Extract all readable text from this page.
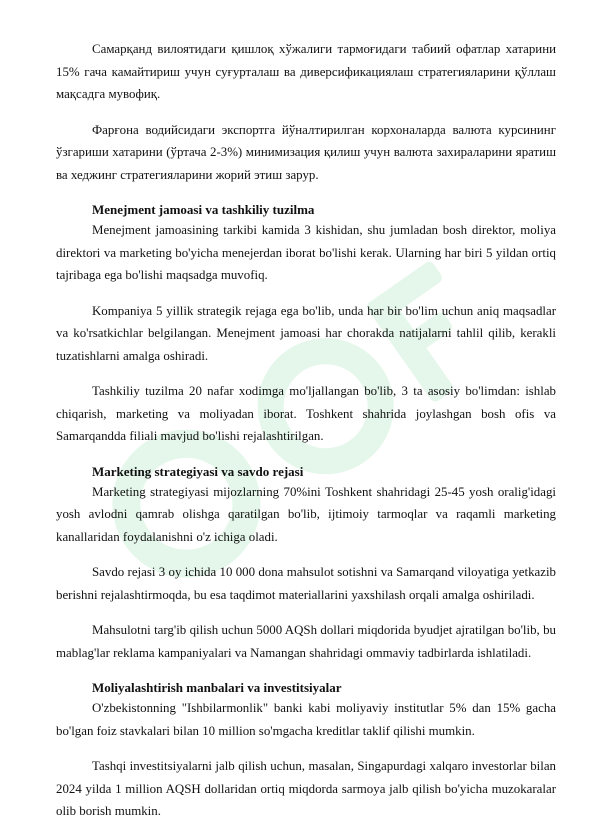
Самарқанд вилоятидаги қишлоқ хўжалиги тармоғидаги табиий офатлар хатарини 15% гача камайтириш учун суғурталаш ва диверсификациялаш стратегияларини қўллаш мақсадга мувофиқ.

Фарғона водийсидаги экспортга йўналтирилган корхоналарда валюта курсининг ўзгариши хатарини (ўртача 2-3%) минимизация қилиш учун валюта захираларини яратиш ва хеджинг стратегияларини жорий этиш зарур.

Menejment jamoasi va tashkiliy tuzilma

Menejment jamoasining tarkibi kamida 3 kishidan, shu jumladan bosh direktor, moliya direktori va marketing bo'yicha menejerdan iborat bo'lishi kerak. Ularning har biri 5 yildan ortiq tajribaga ega bo'lishi maqsadga muvofiq.

Kompaniya 5 yillik strategik rejaga ega bo'lib, unda har bir bo'lim uchun aniq maqsadlar va ko'rsatkichlar belgilangan. Menejment jamoasi har chorakda natijalarni tahlil qilib, kerakli tuzatishlarni amalga oshiradi.

Tashkiliy tuzilma 20 nafar xodimga mo'ljallangan bo'lib, 3 ta asosiy bo'limdan: ishlab chiqarish, marketing va moliyadan iborat. Toshkent shahrida joylashgan bosh ofis va Samarqandda filiali mavjud bo'lishi rejalashtirilgan.

Marketing strategiyasi va savdo rejasi

Marketing strategiyasi mijozlarning 70%ini Toshkent shahridagi 25-45 yosh oralig'idagi yosh avlodni qamrab olishga qaratilgan bo'lib, ijtimoiy tarmoqlar va raqamli marketing kanallaridan foydalanishni o'z ichiga oladi.

Savdo rejasi 3 oy ichida 10 000 dona mahsulot sotishni va Samarqand viloyatiga yetkazib berishni rejalashtirmoqda, bu esa taqdimot materiallarini yaxshilash orqali amalga oshiriladi.

Mahsulotni targ'ib qilish uchun 5000 AQSh dollari miqdorida byudjet ajratilgan bo'lib, bu mablag'lar reklama kampaniyalari va Namangan shahridagi ommaviy tadbirlarda ishlatiladi.

Moliyalashtirish manbalari va investitsiyalar

O'zbekistonning "Ishbilarmonlik" banki kabi moliyaviy institutlar 5% dan 15% gacha bo'lgan foiz stavkalari bilan 10 million so'mgacha kreditlar taklif qilishi mumkin.

Tashqi investitsiyalarni jalb qilish uchun, masalan, Singapurdagi xalqaro investorlar bilan 2024 yilda 1 million AQSH dollaridan ortiq miqdorda sarmoya jalb qilish bo'yicha muzokaralar olib borish mumkin.
